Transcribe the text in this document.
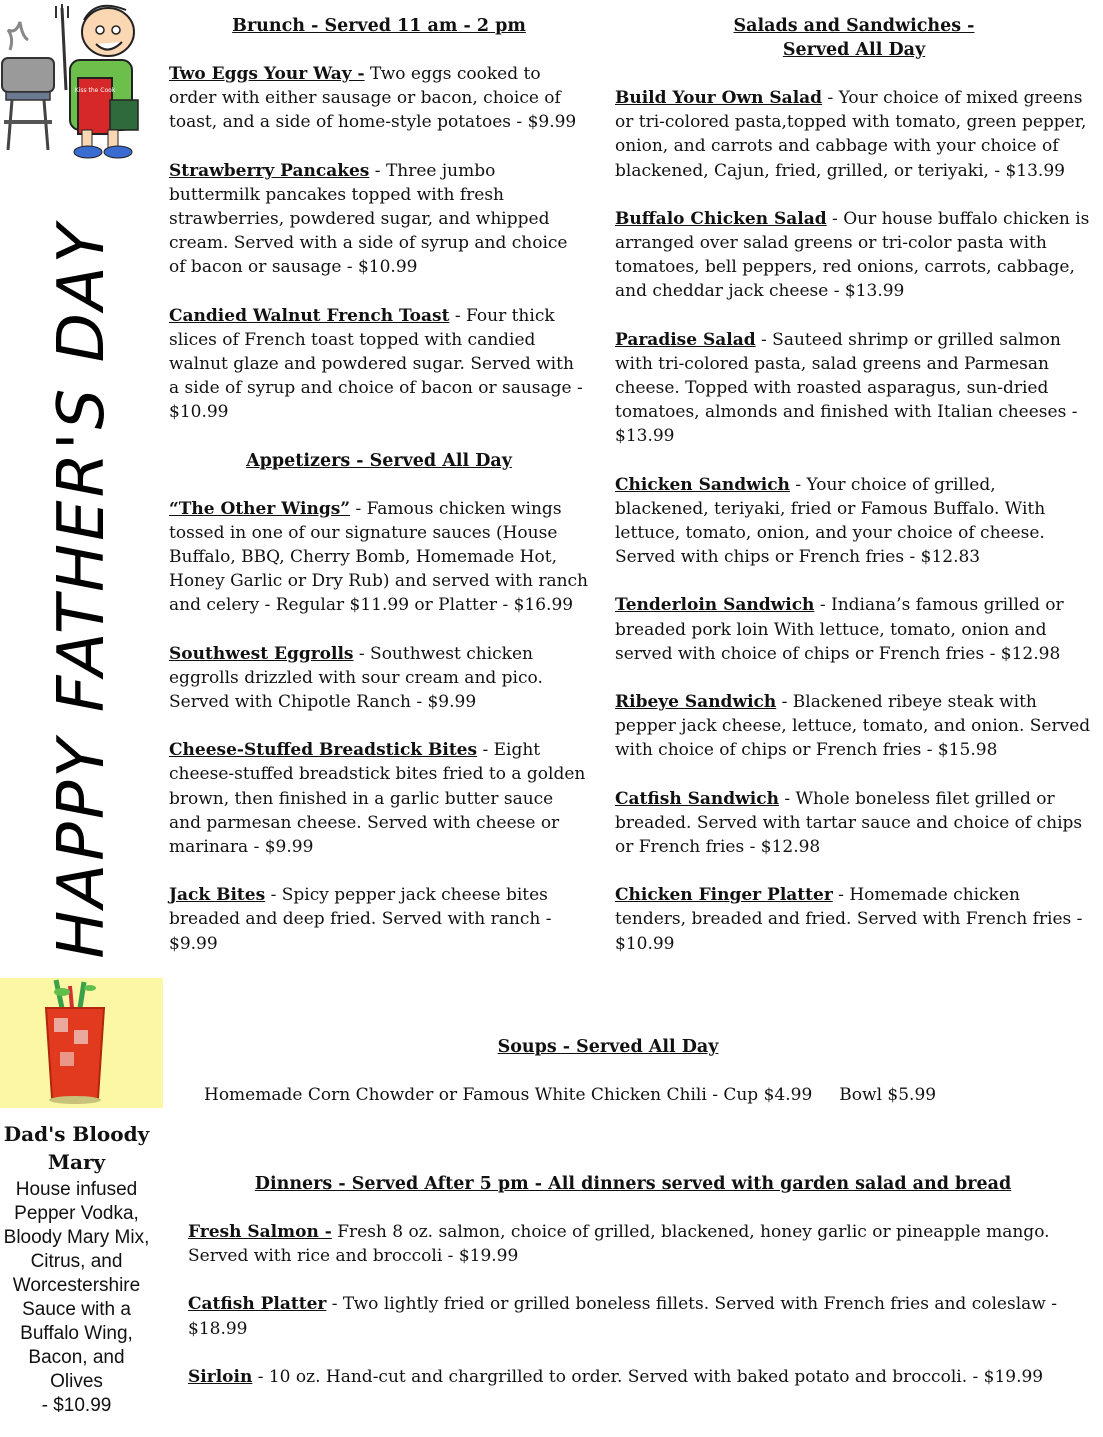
Kiss the Cook
HAPPY FATHER'S DAY
Dad's Bloody
Mary
House infused
Pepper Vodka,
Bloody Mary Mix,
Citrus, and
Worcestershire
Sauce with a
Buffalo Wing,
Bacon, and Olives
- $10.99

Brunch - Served 11 am - 2 pm

Two Eggs Your Way - Two eggs cooked to order with either sausage or bacon, choice of toast, and a side of home-style potatoes - $9.99

Strawberry Pancakes - Three jumbo buttermilk pancakes topped with fresh strawberries, powdered sugar, and whipped cream. Served with a side of syrup and choice of bacon or sausage - $10.99

Candied Walnut French Toast - Four thick slices of French toast topped with candied walnut glaze and powdered sugar. Served with a side of syrup and choice of bacon or sausage - $10.99

Appetizers - Served All Day

“The Other Wings” - Famous chicken wings tossed in one of our signature sauces (House Buffalo, BBQ, Cherry Bomb, Homemade Hot, Honey Garlic or Dry Rub) and served with ranch and celery - Regular $11.99 or Platter - $16.99

Southwest Eggrolls - Southwest chicken eggrolls drizzled with sour cream and pico. Served with Chipotle Ranch - $9.99

Cheese-Stuffed Breadstick Bites - Eight cheese-stuffed breadstick bites fried to a golden brown, then finished in a garlic butter sauce and parmesan cheese. Served with cheese or marinara - $9.99

Jack Bites - Spicy pepper jack cheese bites breaded and deep fried. Served with ranch - $9.99

Salads and Sandwiches -
Served All Day

Build Your Own Salad - Your choice of mixed greens or tri-colored pasta,topped with tomato, green pepper, onion, and carrots and cabbage with your choice of blackened, Cajun, fried, grilled, or teriyaki, - $13.99

Buffalo Chicken Salad - Our house buffalo chicken is arranged over salad greens or tri-color pasta with tomatoes, bell peppers, red onions, carrots, cabbage, and cheddar jack cheese - $13.99

Paradise Salad - Sauteed shrimp or grilled salmon with tri-colored pasta, salad greens and Parmesan cheese. Topped with roasted asparagus, sun-dried tomatoes, almonds and finished with Italian cheeses - $13.99

Chicken Sandwich - Your choice of grilled, blackened, teriyaki, fried or Famous Buffalo. With lettuce, tomato, onion, and your choice of cheese. Served with chips or French fries - $12.83

Tenderloin Sandwich - Indiana’s famous grilled or breaded pork loin With lettuce, tomato, onion and served with choice of chips or French fries - $12.98

Ribeye Sandwich - Blackened ribeye steak with pepper jack cheese, lettuce, tomato, and onion. Served with choice of chips or French fries - $15.98

Catfish Sandwich - Whole boneless filet grilled or breaded. Served with tartar sauce and choice of chips or French fries - $12.98

Chicken Finger Platter - Homemade chicken tenders, breaded and fried. Served with French fries - $10.99

Soups - Served All Day

Homemade Corn Chowder or Famous White Chicken Chili - Cup $4.99     Bowl $5.99

Dinners - Served After 5 pm - All dinners served with garden salad and bread

Fresh Salmon - Fresh 8 oz. salmon, choice of grilled, blackened, honey garlic or pineapple mango. Served with rice and broccoli - $19.99

Catfish Platter - Two lightly fried or grilled boneless fillets. Served with French fries and coleslaw - $18.99

Sirloin - 10 oz. Hand-cut and chargrilled to order. Served with baked potato and broccoli. - $19.99
